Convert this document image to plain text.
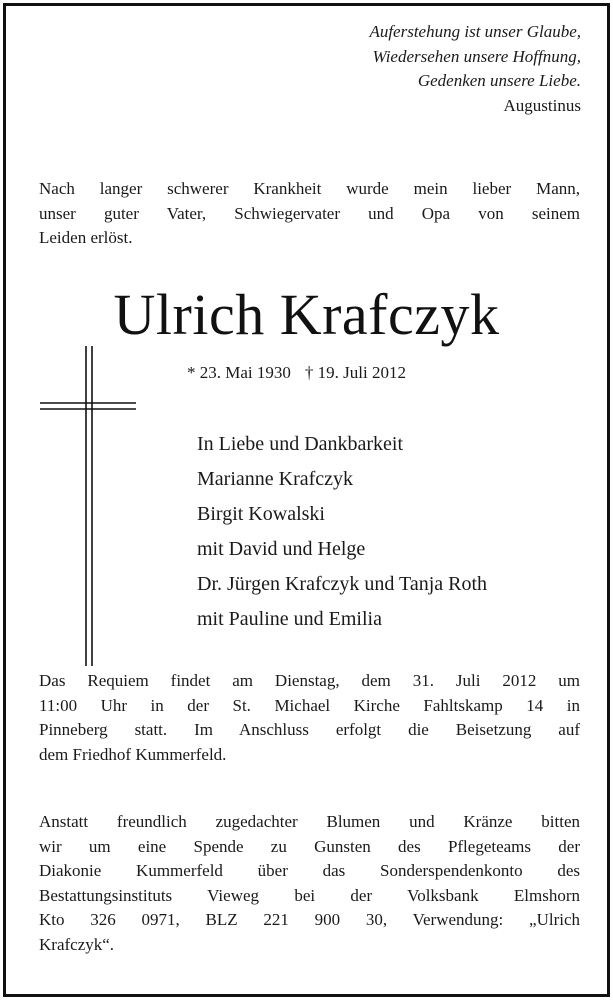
Auferstehung ist unser Glaube,
Wiedersehen unsere Hoffnung,
Gedenken unsere Liebe.
Augustinus
Nach langer schwerer Krankheit wurde mein lieber Mann,
unser guter Vater, Schwiegervater und Opa von seinem
Leiden erlöst.
Ulrich Krafczyk
* 23. Mai 1930 † 19. Juli 2012
In Liebe und Dankbarkeit
Marianne Krafczyk
Birgit Kowalski
mit David und Helge
Dr. Jürgen Krafczyk und Tanja Roth
mit Pauline und Emilia
Das Requiem findet am Dienstag, dem 31. Juli 2012 um
11:00 Uhr in der St. Michael Kirche Fahltskamp 14 in
Pinneberg statt. Im Anschluss erfolgt die Beisetzung auf
dem Friedhof Kummerfeld.
Anstatt freundlich zugedachter Blumen und Kränze bitten
wir um eine Spende zu Gunsten des Pflegeteams der
Diakonie Kummerfeld über das Sonderspendenkonto des
Bestattungsinstituts Vieweg bei der Volksbank Elmshorn
Kto 326 0971, BLZ 221 900 30, Verwendung: „Ulrich
Krafczyk“.
